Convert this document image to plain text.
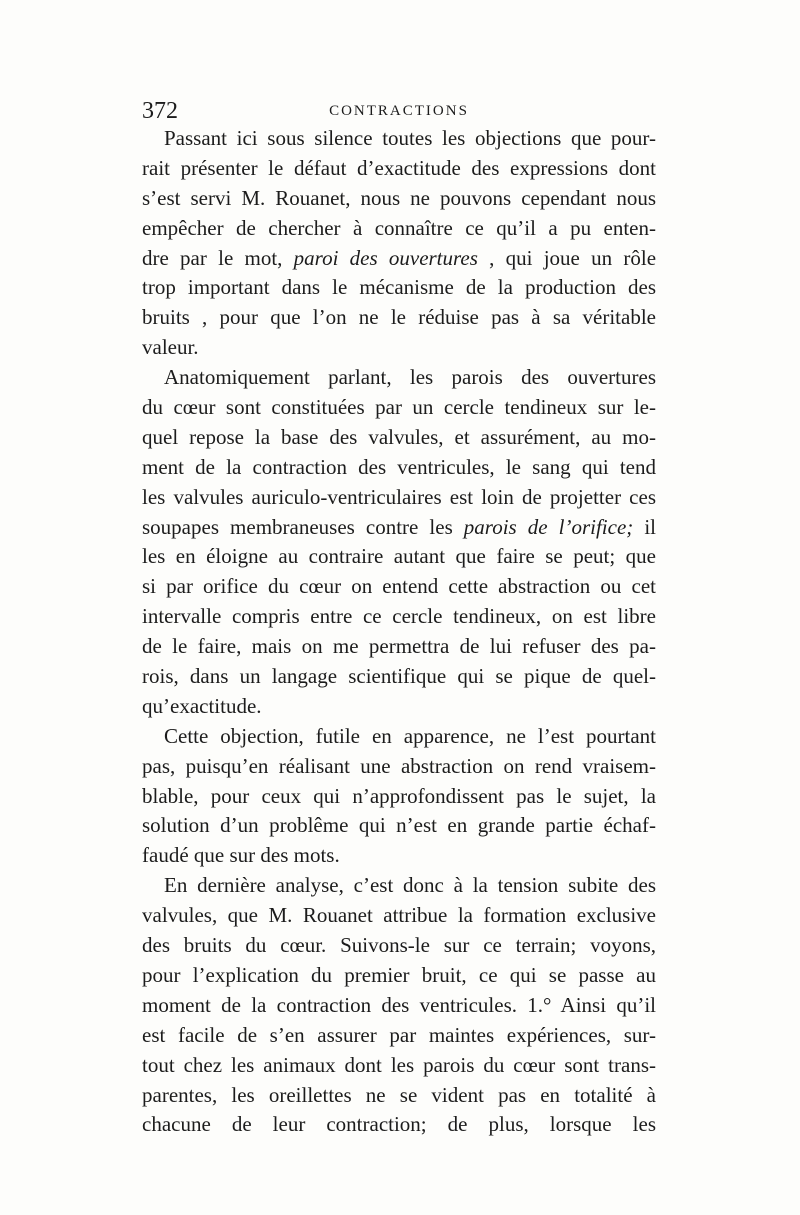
372	CONTRACTIONS
Passant ici sous silence toutes les objections que pour-
rait présenter le défaut d’exactitude des expressions dont
s’est servi M. Rouanet, nous ne pouvons cependant nous
empêcher de chercher à connaître ce qu’il a pu enten-
dre par le mot, paroi des ouvertures , qui joue un rôle
trop important dans le mécanisme de la production des
bruits , pour que l’on ne le réduise pas à sa véritable
valeur.
Anatomiquement parlant, les parois des ouvertures
du cœur sont constituées par un cercle tendineux sur le-
quel repose la base des valvules, et assurément, au mo-
ment de la contraction des ventricules, le sang qui tend
les valvules auriculo-ventriculaires est loin de projetter ces
soupapes membraneuses contre les parois de l’orifice; il
les en éloigne au contraire autant que faire se peut; que
si par orifice du cœur on entend cette abstraction ou cet
intervalle compris entre ce cercle tendineux, on est libre
de le faire, mais on me permettra de lui refuser des pa-
rois, dans un langage scientifique qui se pique de quel-
qu’exactitude.
Cette objection, futile en apparence, ne l’est pourtant
pas, puisqu’en réalisant une abstraction on rend vraisem-
blable, pour ceux qui n’approfondissent pas le sujet, la
solution d’un problême qui n’est en grande partie échaf-
faudé que sur des mots.
En dernière analyse, c’est donc à la tension subite des
valvules, que M. Rouanet attribue la formation exclusive
des bruits du cœur. Suivons-le sur ce terrain; voyons,
pour l’explication du premier bruit, ce qui se passe au
moment de la contraction des ventricules. 1.° Ainsi qu’il
est facile de s’en assurer par maintes expériences, sur-
tout chez les animaux dont les parois du cœur sont trans-
parentes, les oreillettes ne se vident pas en totalité à
chacune de leur contraction; de plus, lorsque les
